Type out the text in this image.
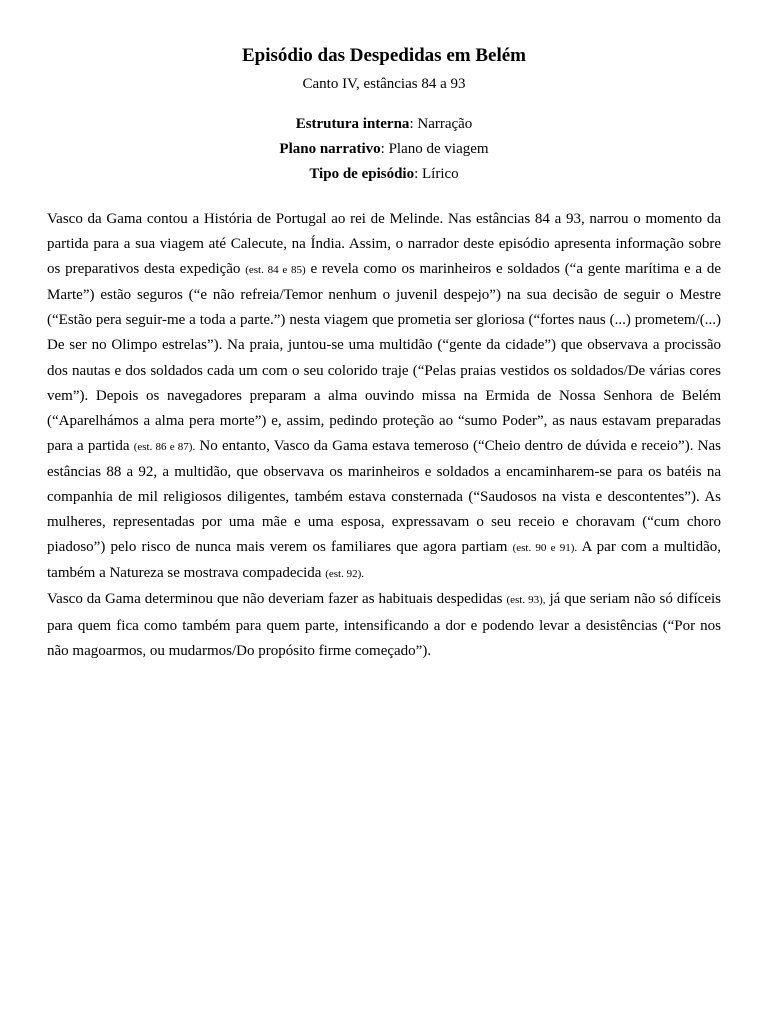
Episódio das Despedidas em Belém
Canto IV, estâncias 84 a 93
Estrutura interna: Narração
Plano narrativo: Plano de viagem
Tipo de episódio: Lírico

Vasco da Gama contou a História de Portugal ao rei de Melinde. Nas estâncias 84 a 93, narrou o momento da partida para a sua viagem até Calecute, na Índia. Assim, o narrador deste episódio apresenta informação sobre os preparativos desta expedição (est. 84 e 85) e revela como os marinheiros e soldados (“a gente marítima e a de Marte”) estão seguros (“e não refreia/Temor nenhum o juvenil despejo”) na sua decisão de seguir o Mestre (“Estão pera seguir-me a toda a parte.”) nesta viagem que prometia ser gloriosa (“fortes naus (...) prometem/(...) De ser no Olimpo estrelas”). Na praia, juntou-se uma multidão (“gente da cidade”) que observava a procissão dos nautas e dos soldados cada um com o seu colorido traje (“Pelas praias vestidos os soldados/De várias cores vem”). Depois os navegadores preparam a alma ouvindo missa na Ermida de Nossa Senhora de Belém (“Aparelhámos a alma pera morte”) e, assim, pedindo proteção ao “sumo Poder”, as naus estavam preparadas para a partida (est. 86 e 87). No entanto, Vasco da Gama estava temeroso (“Cheio dentro de dúvida e receio”). Nas estâncias 88 a 92, a multidão, que observava os marinheiros e soldados a encaminharem-se para os batéis na companhia de mil religiosos diligentes, também estava consternada (“Saudosos na vista e descontentes”). As mulheres, representadas por uma mãe e uma esposa, expressavam o seu receio e choravam (“cum choro piadoso”) pelo risco de nunca mais verem os familiares que agora partiam (est. 90 e 91). A par com a multidão, também a Natureza se mostrava compadecida (est. 92).

Vasco da Gama determinou que não deveriam fazer as habituais despedidas (est. 93), já que seriam não só difíceis para quem fica como também para quem parte, intensificando a dor e podendo levar a desistências (“Por nos não magoarmos, ou mudarmos/Do propósito firme começado”).
